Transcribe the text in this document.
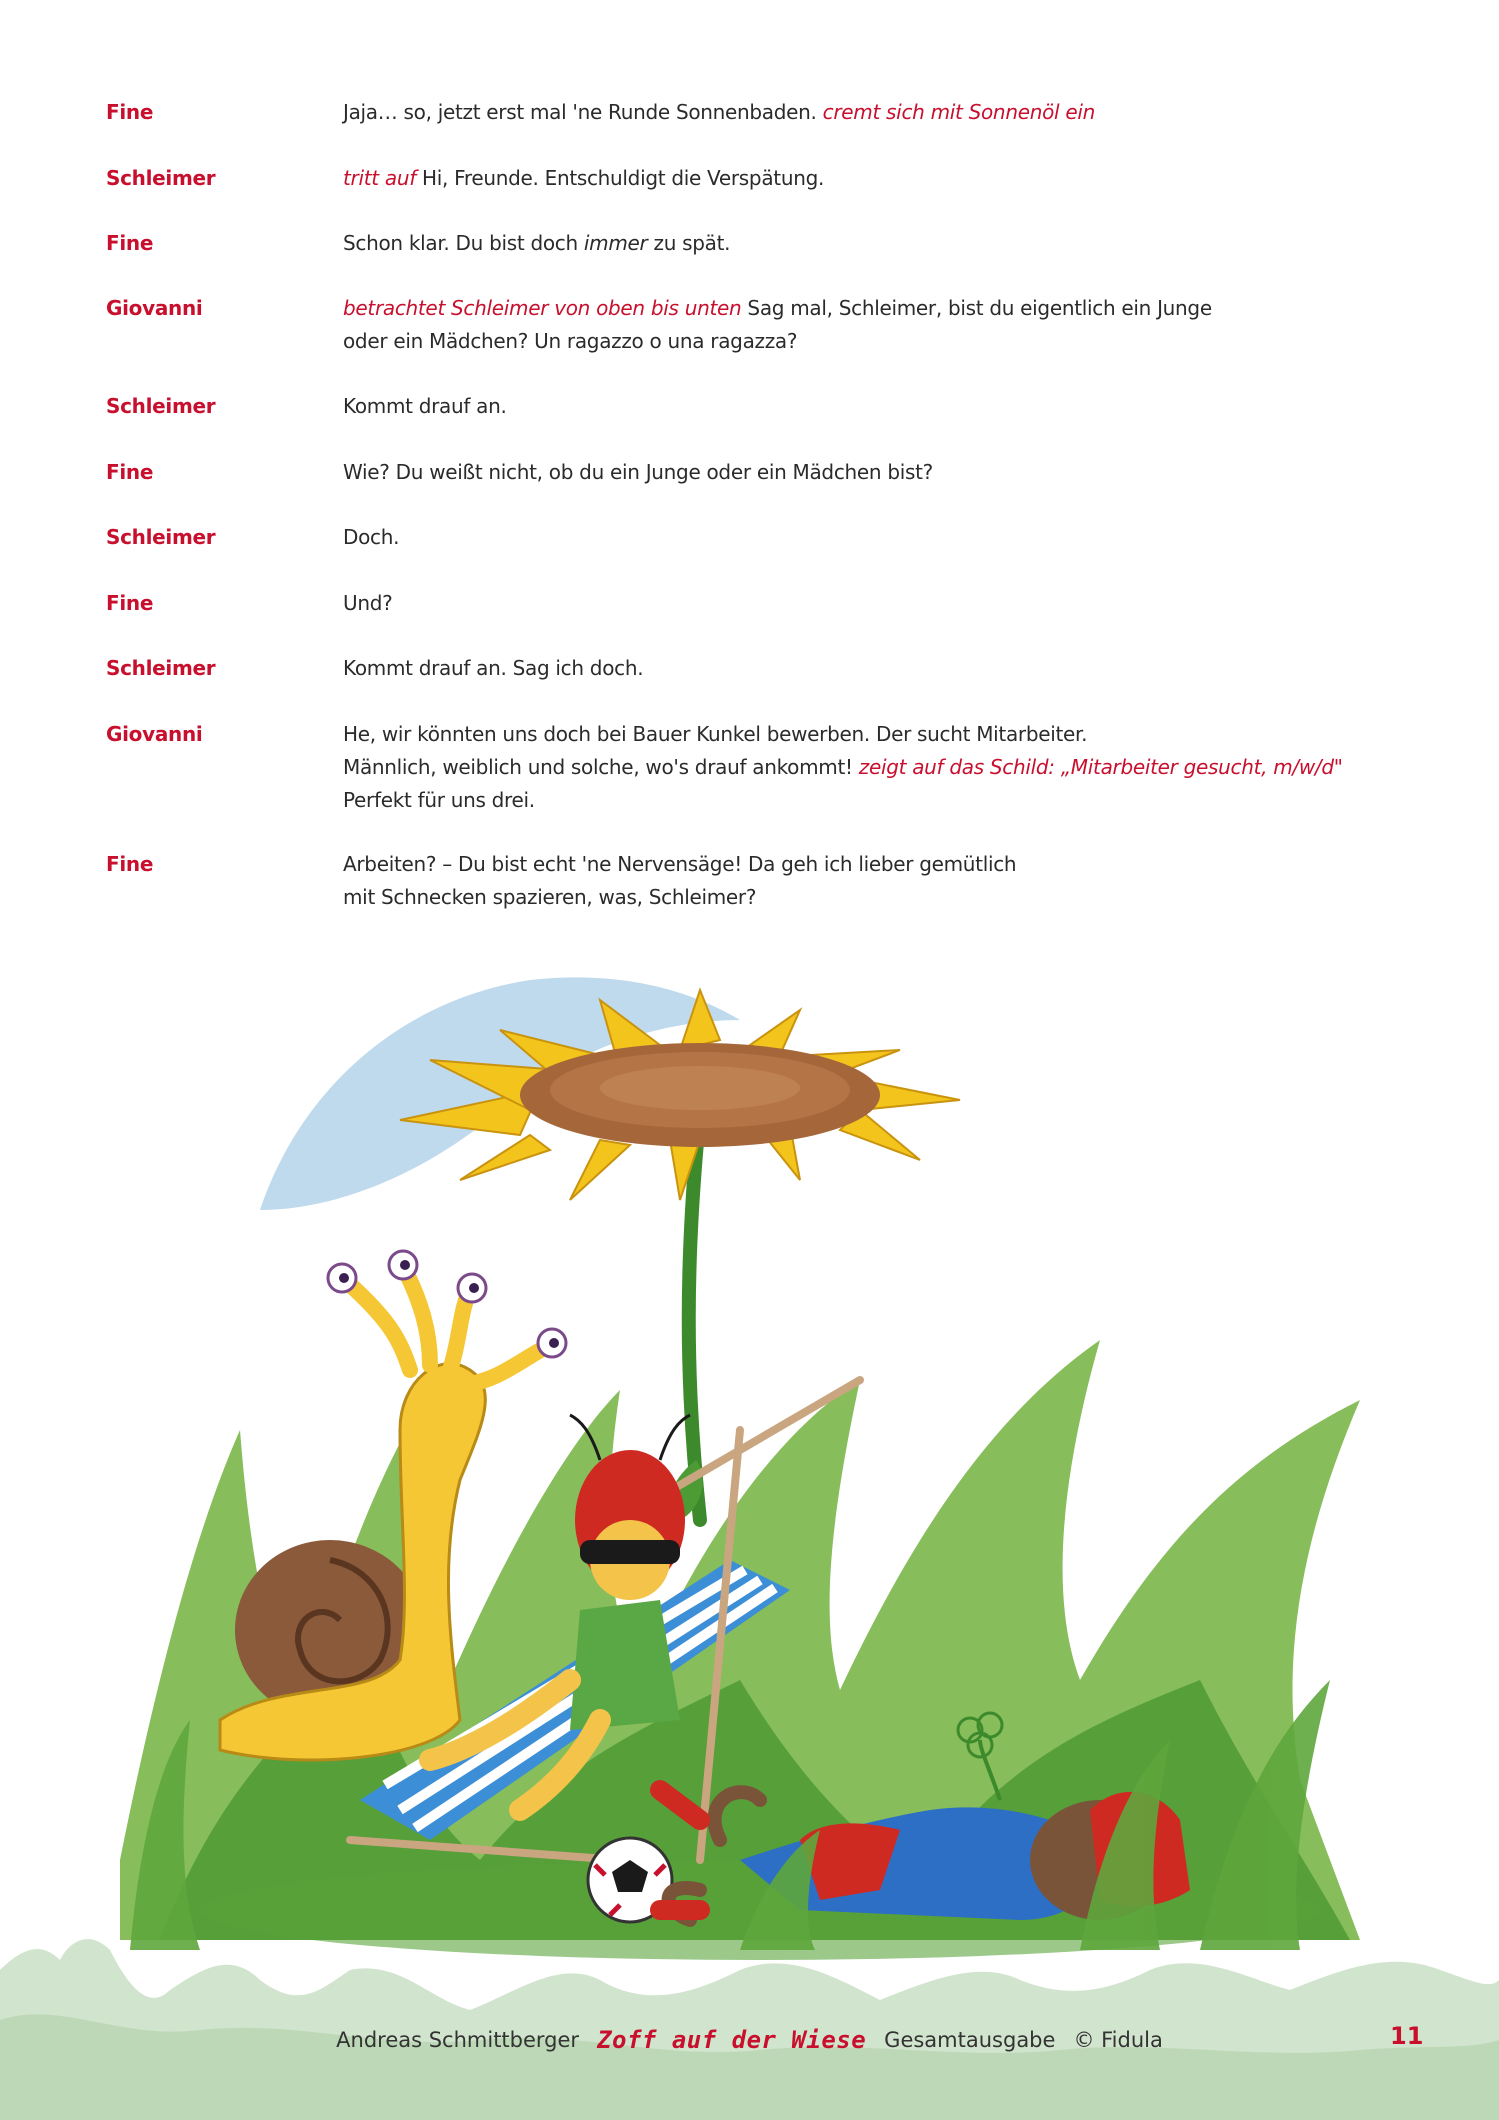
Fine	Jaja… so, jetzt erst mal 'ne Runde Sonnenbaden. cremt sich mit Sonnenöl ein
Schleimer	tritt auf Hi, Freunde. Entschuldigt die Verspätung.
Fine	Schon klar. Du bist doch immer zu spät.
Giovanni	betrachtet Schleimer von oben bis unten Sag mal, Schleimer, bist du eigentlich ein Junge
oder ein Mädchen? Un ragazzo o una ragazza?
Schleimer	Kommt drauf an.
Fine	Wie? Du weißt nicht, ob du ein Junge oder ein Mädchen bist?
Schleimer	Doch.
Fine	Und?
Schleimer	Kommt drauf an. Sag ich doch.
Giovanni	He, wir könnten uns doch bei Bauer Kunkel bewerben. Der sucht Mitarbeiter.
Männlich, weiblich und solche, wo's drauf ankommt! zeigt auf das Schild: „Mitarbeiter gesucht, m/w/d"
Perfekt für uns drei.
Fine	Arbeiten? – Du bist echt 'ne Nervensäge! Da geh ich lieber gemütlich
mit Schnecken spazieren, was, Schleimer?
Andreas Schmittberger Zoff auf der Wiese Gesamtausgabe © Fidula	11
